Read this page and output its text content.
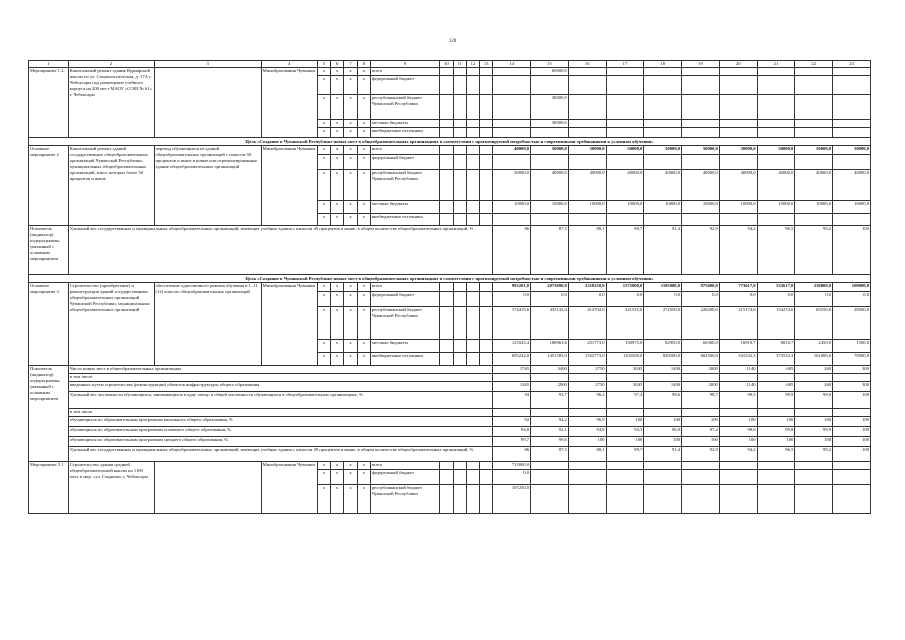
120
1	2	3	4	5	6	7	8	9	10	11	12	13	14	15	16	17	18	19	20	21	22	23
Мероприятие 1.2.	Капитальный ремонт здания Вурнарской школы по ул. Социалистическая, д. 17А г. Чебоксары под размещение учебного корпуса на 200 мест МАОУ «СОШ № 61» г. Чебоксары		Минобразования Чувашии	x	x	x	x	всего						60000,0								
				x	x	x	x	федеральный бюджет														
				x	x	x	x	республиканский бюджет Чувашской Республики						30000,0								
				x	x	x	x	местные бюджеты						30000,0								
				x	x	x	x	внебюджетные источники														
Цель «Создание в Чувашской Республике новых мест в общеобразовательных организациях в соответствии с прогнозируемой потребностью и современными требованиями к условиям обучения»																						
Основное мероприятие 2	Капитальный ремонт зданий государственных общеобразовательных организаций Чувашской Республики, муниципальных общеобразовательных организаций, износ которых более 50 процентов и выше	перевод обучающихся из зданий общеобразовательных организаций с износом 50 процентов и выше в новые или отремонтированные здания общеобразовательных организаций	Минобразования Чувашии	x	x	x	x	всего					40000,0	50000,0	50000,0	50000,0	50000,0	50000,0	50000,0	50000,0	50000,0	50000,0
				x	x	x	x	федеральный бюджет														
				x	x	x	x	республиканский бюджет Чувашской Республики					30000,0	40000,0	40000,0	40000,0	40000,0	40000,0	40000,0	40000,0	40000,0	40000,0
				x	x	x	x	местные бюджеты					10000,0	10000,0	10000,0	10000,0	10000,0	10000,0	10000,0	10000,0	10000,0	10000,0
				x	x	x	x	внебюджетные источники														
Показатель (индикатор) подпрограммы, увязанный с основным мероприятием	Удельный вес государственных и муниципальных общеобразовательных организаций, имеющих учебные здания с износом 49 процентов и выше, в общем количестве общеобразовательных организаций, %												86	87,5	88,1	89,7	91,4	92,9	94,2	96,5	99,2	100
Цель «Создание в Чувашской Республике новых мест в общеобразовательных организациях в соответствии с прогнозируемой потребностью и современными требованиями к условиям обучения»																						
Основное мероприятие 3	Строительство (приобретение) и реконструкция зданий государственных общеобразовательных организаций Чувашской Республики, муниципальных общеобразовательных организаций	обеспечение односменного режима обучения в 1–11 (12) классах общеобразовательных организаций	Минобразования Чувашии	x	x	x	x	всего					993201,0	2073690,0	2218258,0	1575000,0	1185000,0	975000,0	773617,0	533617,0	230000,0	100000,0
				x	x	x	x	федеральный бюджет					0,0	0,0	0,0	0,0	0,0	0,0	0,0	0,0	0,0	0,0
				x	x	x	x	республиканский бюджет Чувашской Республики					174415,6	435143,4	413702,0	321525,0	272550,0	226200,0	215174,6	154274,6	65550,0	28500,0
				x	x	x	x	местные бюджеты					123543,4	186963,6	251773,0	150975,0	82950,0	66300,0	16910,7	8810,7	2450,0	1500,0
				x	x	x	x	внебюджетные источники					695242,0	1451583,0	1552773,0	1102500,0	829500,0	682500,0	541532,3	373532,3	161000,0	70000,0
Показатель (индикатор) подпрограммы, увязанный с основным мероприятием	Число новых мест в общеобразовательных организациях												1765	3400	2750	3045	1400	2000	1140	685	260	300
	в том числе																					
	введенных путем строительства (реконструкции) объектов инфраструктуры общего образования												1265	2900	2750	3045	1400	2000	1140	685	260	300
	Удельный вес численности обучающихся, занимающихся в одну смену, в общей численности обучающихся в общеобразовательных организациях, %												94	93,7	96,2	97,4	98,6	98,7	99,3	99,9	99,9	100
	в том числе																					
	обучающихся по образовательным программам начального общего образования, %												92	94,2	96,9	100	100	100	100	100	100	100
	обучающихся по образовательным программам основного общего образования, %												94,8	92,1	94,8	94,3	96,9	97,4	98,6	99,8	99,9	100
	обучающихся по образовательным программам среднего общего образования, %												99,7	99,6	100	100	100	100	100	100	100	100
	Удельный вес государственных и муниципальных общеобразовательных организаций, имеющих учебные здания с износом 49 процентов и выше, в общем количестве общеобразовательных организаций, %												86	87,5	88,1	89,7	91,4	92,9	94,2	96,5	99,2	100
Мероприятие 3.1	Строительство здания средней общеобразовательной школы на 1100 мест в мкр. «ул. Гладкова» г. Чебоксары		Минобразования Чувашии	x	x	x	x	всего					713000,0									
				x	x	x	x	федеральный бюджет					0,0									
				x	x	x	x	республиканский бюджет Чувашской Республики					107250,0									
